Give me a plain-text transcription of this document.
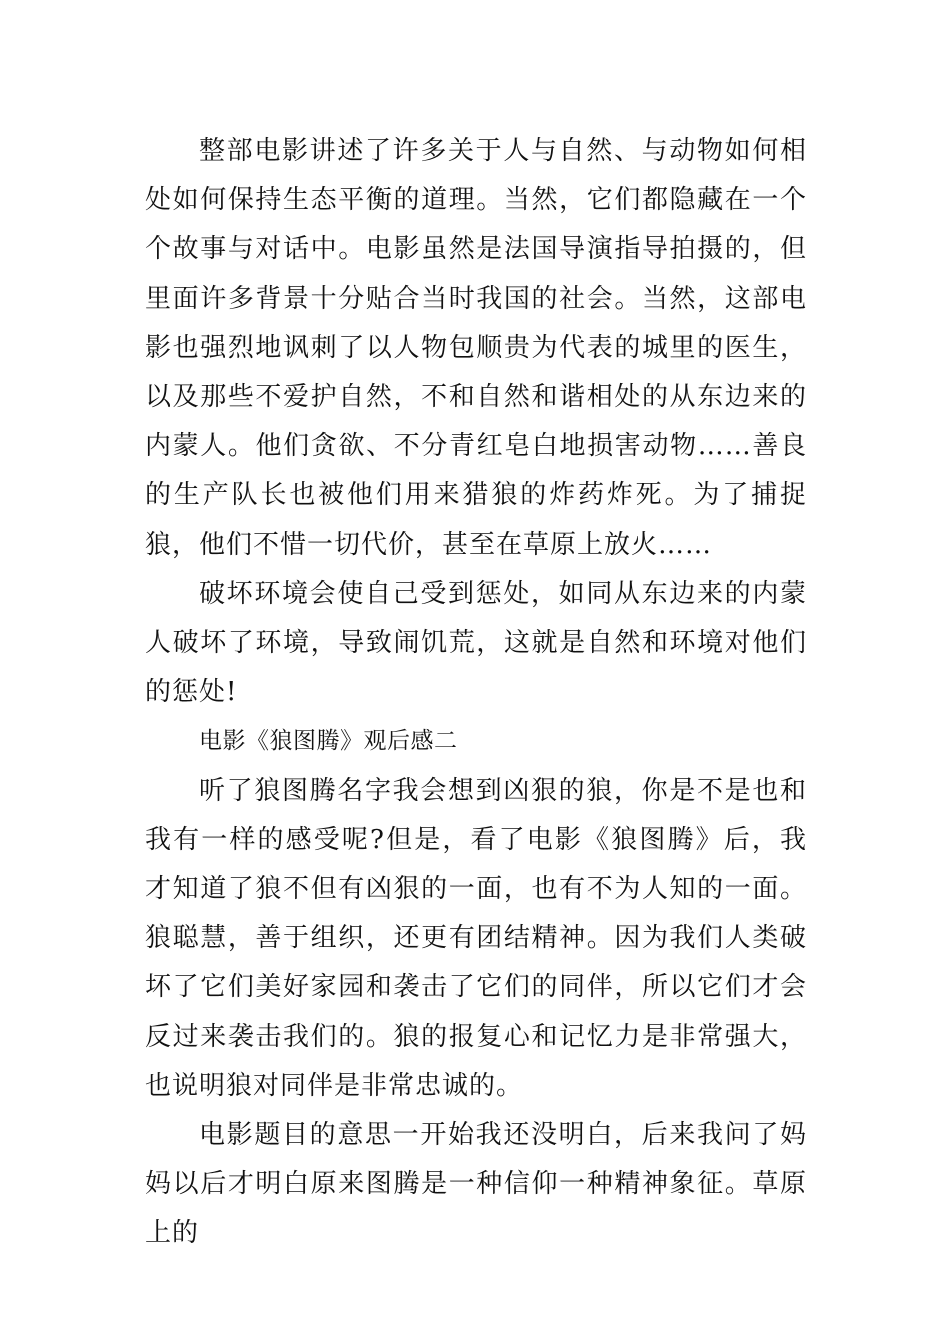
整部电影讲述了许多关于人与自然、与动物如何相处如何保持生态平衡的道理。当然，它们都隐藏在一个个故事与对话中。电影虽然是法国导演指导拍摄的，但里面许多背景十分贴合当时我国的社会。当然，这部电影也强烈地讽刺了以人物包顺贵为代表的城里的医生，以及那些不爱护自然，不和自然和谐相处的从东边来的内蒙人。他们贪欲、不分青红皂白地损害动物……善良的生产队长也被他们用来猎狼的炸药炸死。为了捕捉狼，他们不惜一切代价，甚至在草原上放火……

破坏环境会使自己受到惩处，如同从东边来的内蒙人破坏了环境，导致闹饥荒，这就是自然和环境对他们的惩处!

电影《狼图腾》观后感二

听了狼图腾名字我会想到凶狠的狼，你是不是也和我有一样的感受呢?但是，看了电影《狼图腾》后，我才知道了狼不但有凶狠的一面，也有不为人知的一面。狼聪慧，善于组织，还更有团结精神。因为我们人类破坏了它们美好家园和袭击了它们的同伴，所以它们才会反过来袭击我们的。狼的报复心和记忆力是非常强大，也说明狼对同伴是非常忠诚的。

电影题目的意思一开始我还没明白，后来我问了妈妈以后才明白原来图腾是一种信仰一种精神象征。草原上的
